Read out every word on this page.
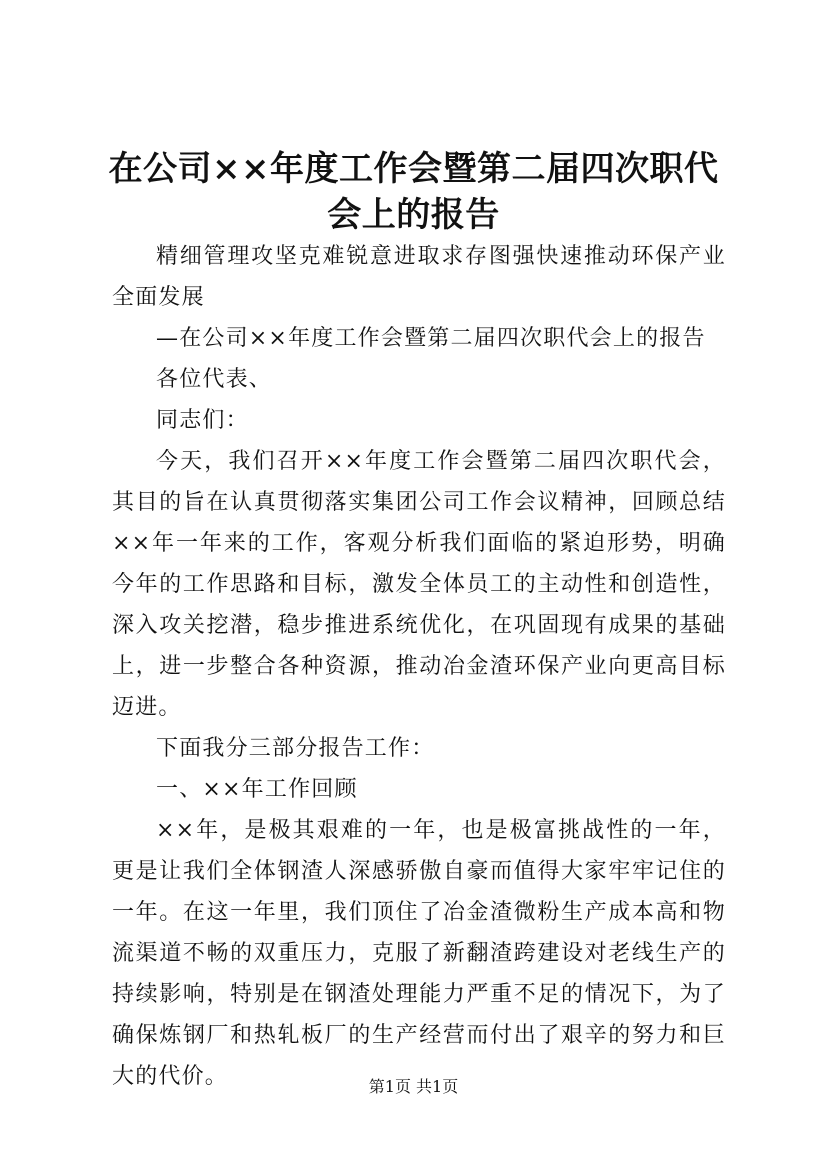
在公司××年度工作会暨第二届四次职代会上的报告

精细管理攻坚克难锐意进取求存图强快速推动环保产业全面发展

—在公司××年度工作会暨第二届四次职代会上的报告

各位代表、

同志们：

今天，我们召开××年度工作会暨第二届四次职代会，其目的旨在认真贯彻落实集团公司工作会议精神，回顾总结××年一年来的工作，客观分析我们面临的紧迫形势，明确今年的工作思路和目标，激发全体员工的主动性和创造性，深入攻关挖潜，稳步推进系统优化，在巩固现有成果的基础上，进一步整合各种资源，推动冶金渣环保产业向更高目标迈进。

下面我分三部分报告工作：

一、××年工作回顾

××年，是极其艰难的一年，也是极富挑战性的一年，更是让我们全体钢渣人深感骄傲自豪而值得大家牢牢记住的一年。在这一年里，我们顶住了冶金渣微粉生产成本高和物流渠道不畅的双重压力，克服了新翻渣跨建设对老线生产的持续影响，特别是在钢渣处理能力严重不足的情况下，为了确保炼钢厂和热轧板厂的生产经营而付出了艰辛的努力和巨大的代价。	第1页 共1页
